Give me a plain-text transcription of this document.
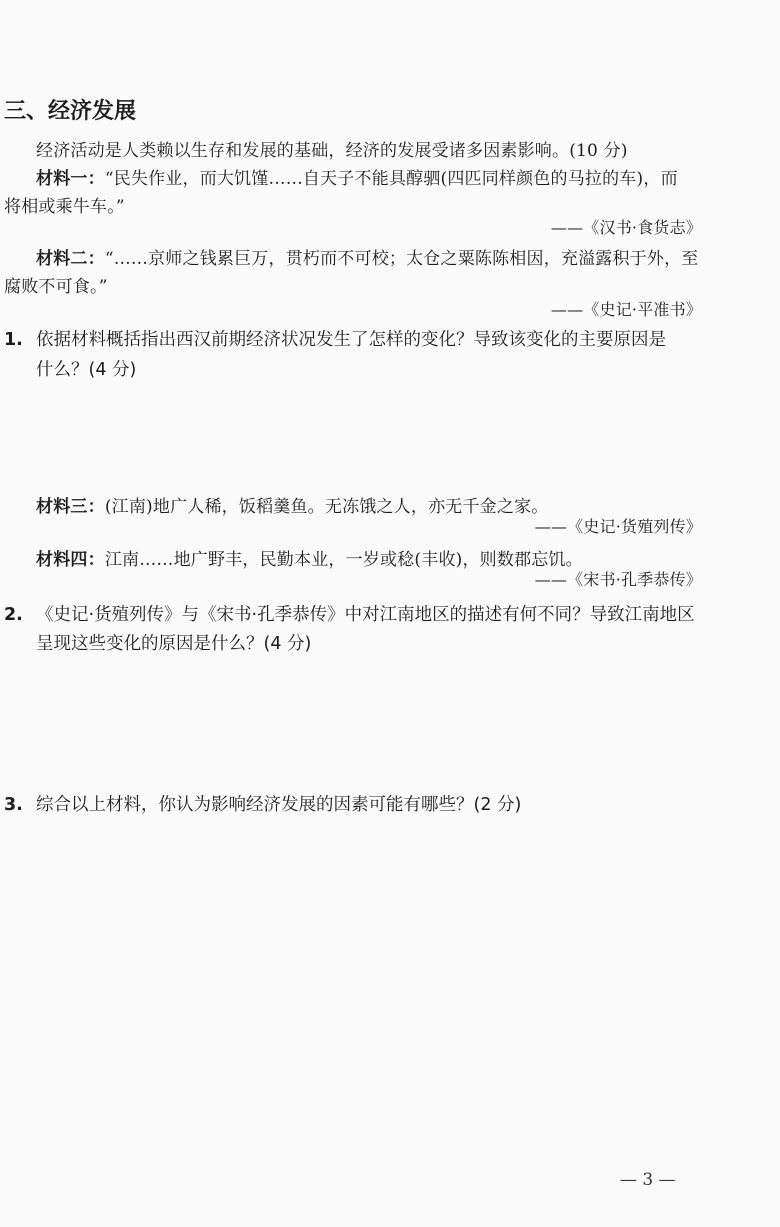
三、经济发展
经济活动是人类赖以生存和发展的基础，经济的发展受诸多因素影响。(10 分)
材料一：“民失作业，而大饥馑……自天子不能具醇驷(四匹同样颜色的马拉的车)，而
将相或乘牛车。”
——《汉书·食货志》
材料二：“……京师之钱累巨万，贯朽而不可校；太仓之粟陈陈相因，充溢露积于外，至
腐败不可食。”
——《史记·平准书》
1. 依据材料概括指出西汉前期经济状况发生了怎样的变化？导致该变化的主要原因是
什么？(4 分)
材料三：(江南)地广人稀，饭稻羹鱼。无冻饿之人，亦无千金之家。
——《史记·货殖列传》
材料四：江南……地广野丰，民勤本业，一岁或稔(丰收)，则数郡忘饥。
——《宋书·孔季恭传》
2. 《史记·货殖列传》与《宋书·孔季恭传》中对江南地区的描述有何不同？导致江南地区
呈现这些变化的原因是什么？(4 分)
3. 综合以上材料，你认为影响经济发展的因素可能有哪些？(2 分)
— 3 —
